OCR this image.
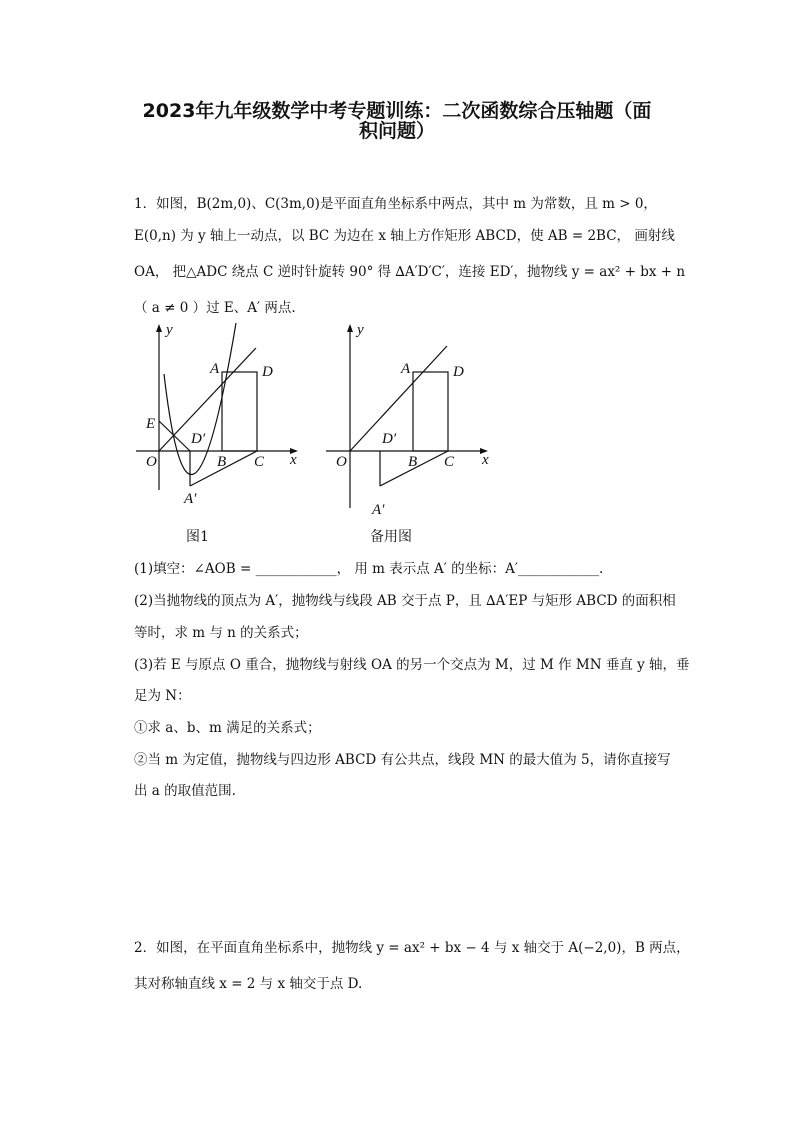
2023年九年级数学中考专题训练：二次函数综合压轴题（面
积问题）
1．如图，B(2m,0)、C(3m,0)是平面直角坐标系中两点，其中 m 为常数，且 m > 0，
E(0,n) 为 y 轴上一动点，以 BC 为边在 x 轴上方作矩形 ABCD，使 AB = 2BC， 画射线
OA， 把△ADC 绕点 C 逆时针旋转 90° 得 ∆A′D′C′，连接 ED′，抛物线 y = ax² + bx + n
（ a ≠ 0 ）过 E、A′ 两点.
y
x
O
A	D
E
D′
B C
A′
图1
y
x
O
A	D
D′
B C
A′
备用图
(1)填空：∠AOB = ____________， 用 m 表示点 A′ 的坐标：A′____________.
(2)当抛物线的顶点为 A′，抛物线与线段 AB 交于点 P，且 ∆A′EP 与矩形 ABCD 的面积相
等时，求 m 与 n 的关系式；
(3)若 E 与原点 O 重合，抛物线与射线 OA 的另一个交点为 M，过 M 作 MN 垂直 y 轴，垂
足为 N：
①求 a、b、m 满足的关系式；
②当 m 为定值，抛物线与四边形 ABCD 有公共点，线段 MN 的最大值为 5，请你直接写
出 a 的取值范围.
2．如图，在平面直角坐标系中，抛物线 y = ax² + bx − 4 与 x 轴交于 A(−2,0)，B 两点，
其对称轴直线 x = 2 与 x 轴交于点 D.
